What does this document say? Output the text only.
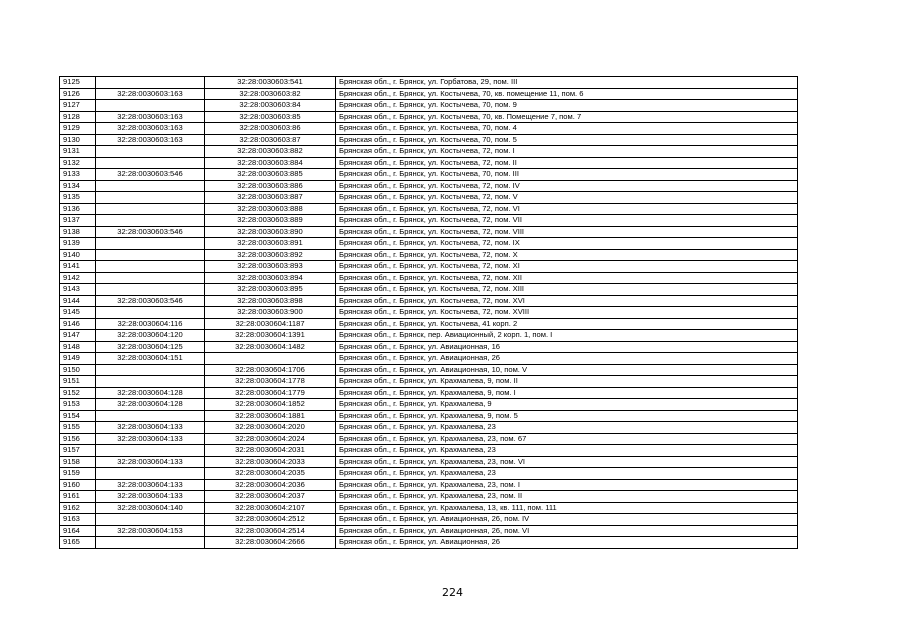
9125		32:28:0030603:541	Брянская обл., г. Брянск, ул. Горбатова, 29, пом. III
9126	32:28:0030603:163	32:28:0030603:82	Брянская обл., г. Брянск, ул. Костычева, 70, кв. помещение 11, пом. 6
9127		32:28:0030603:84	Брянская обл., г. Брянск, ул. Костычева, 70, пом. 9
9128	32:28:0030603:163	32:28:0030603:85	Брянская обл., г. Брянск, ул. Костычева, 70, кв. Помещение 7, пом. 7
9129	32:28:0030603:163	32:28:0030603:86	Брянская обл., г. Брянск, ул. Костычева, 70, пом. 4
9130	32:28:0030603:163	32:28:0030603:87	Брянская обл., г. Брянск, ул. Костычева, 70, пом. 5
9131		32:28:0030603:882	Брянская обл., г. Брянск, ул. Костычева, 72, пом. I
9132		32:28:0030603:884	Брянская обл., г. Брянск, ул. Костычева, 72, пом. II
9133	32:28:0030603:546	32:28:0030603:885	Брянская обл., г. Брянск, ул. Костычева, 70, пом. III
9134		32:28:0030603:886	Брянская обл., г. Брянск, ул. Костычева, 72, пом. IV
9135		32:28:0030603:887	Брянская обл., г. Брянск, ул. Костычева, 72, пом. V
9136		32:28:0030603:888	Брянская обл., г. Брянск, ул. Костычева, 72, пом. VI
9137		32:28:0030603:889	Брянская обл., г. Брянск, ул. Костычева, 72, пом. VII
9138	32:28:0030603:546	32:28:0030603:890	Брянская обл., г. Брянск, ул. Костычева, 72, пом. VIII
9139		32:28:0030603:891	Брянская обл., г. Брянск, ул. Костычева, 72, пом. IX
9140		32:28:0030603:892	Брянская обл., г. Брянск, ул. Костычева, 72, пом. X
9141		32:28:0030603:893	Брянская обл., г. Брянск, ул. Костычева, 72, пом. XI
9142		32:28:0030603:894	Брянская обл., г. Брянск, ул. Костычева, 72, пом. XII
9143		32:28:0030603:895	Брянская обл., г. Брянск, ул. Костычева, 72, пом. XIII
9144	32:28:0030603:546	32:28:0030603:898	Брянская обл., г. Брянск, ул. Костычева, 72, пом. XVI
9145		32:28:0030603:900	Брянская обл., г. Брянск, ул. Костычева, 72, пом. XVIII
9146	32:28:0030604:116	32:28:0030604:1187	Брянская обл., г. Брянск, ул. Костычева, 41 корп. 2
9147	32:28:0030604:120	32:28:0030604:1391	Брянская обл., г. Брянск, пер. Авиационный, 2 корп. 1, пом. I
9148	32:28:0030604:125	32:28:0030604:1482	Брянская обл., г. Брянск, ул. Авиационная, 16
9149	32:28:0030604:151		Брянская обл., г. Брянск, ул. Авиационная, 26
9150		32:28:0030604:1706	Брянская обл., г. Брянск, ул. Авиационная, 10, пом. V
9151		32:28:0030604:1778	Брянская обл., г. Брянск, ул. Крахмалева, 9, пом. II
9152	32:28:0030604:128	32:28:0030604:1779	Брянская обл., г. Брянск, ул. Крахмалева, 9, пом. I
9153	32:28:0030604:128	32:28:0030604:1852	Брянская обл., г. Брянск, ул. Крахмалева, 9
9154		32:28:0030604:1881	Брянская обл., г. Брянск, ул. Крахмалева, 9, пом. 5
9155	32:28:0030604:133	32:28:0030604:2020	Брянская обл., г. Брянск, ул. Крахмалева, 23
9156	32:28:0030604:133	32:28:0030604:2024	Брянская обл., г. Брянск, ул. Крахмалева, 23, пом. 67
9157		32:28:0030604:2031	Брянская обл., г. Брянск, ул. Крахмалева, 23
9158	32:28:0030604:133	32:28:0030604:2033	Брянская обл., г. Брянск, ул. Крахмалева, 23, пом. VI
9159		32:28:0030604:2035	Брянская обл., г. Брянск, ул. Крахмалева, 23
9160	32:28:0030604:133	32:28:0030604:2036	Брянская обл., г. Брянск, ул. Крахмалева, 23, пом. I
9161	32:28:0030604:133	32:28:0030604:2037	Брянская обл., г. Брянск, ул. Крахмалева, 23, пом. II
9162	32:28:0030604:140	32:28:0030604:2107	Брянская обл., г. Брянск, ул. Крахмалева, 13, кв. 111, пом. 111
9163		32:28:0030604:2512	Брянская обл., г. Брянск, ул. Авиационная, 26, пом. IV
9164	32:28:0030604:153	32:28:0030604:2514	Брянская обл., г. Брянск, ул. Авиационная, 26, пом. VI
9165		32:28:0030604:2666	Брянская обл., г. Брянск, ул. Авиационная, 26
224
